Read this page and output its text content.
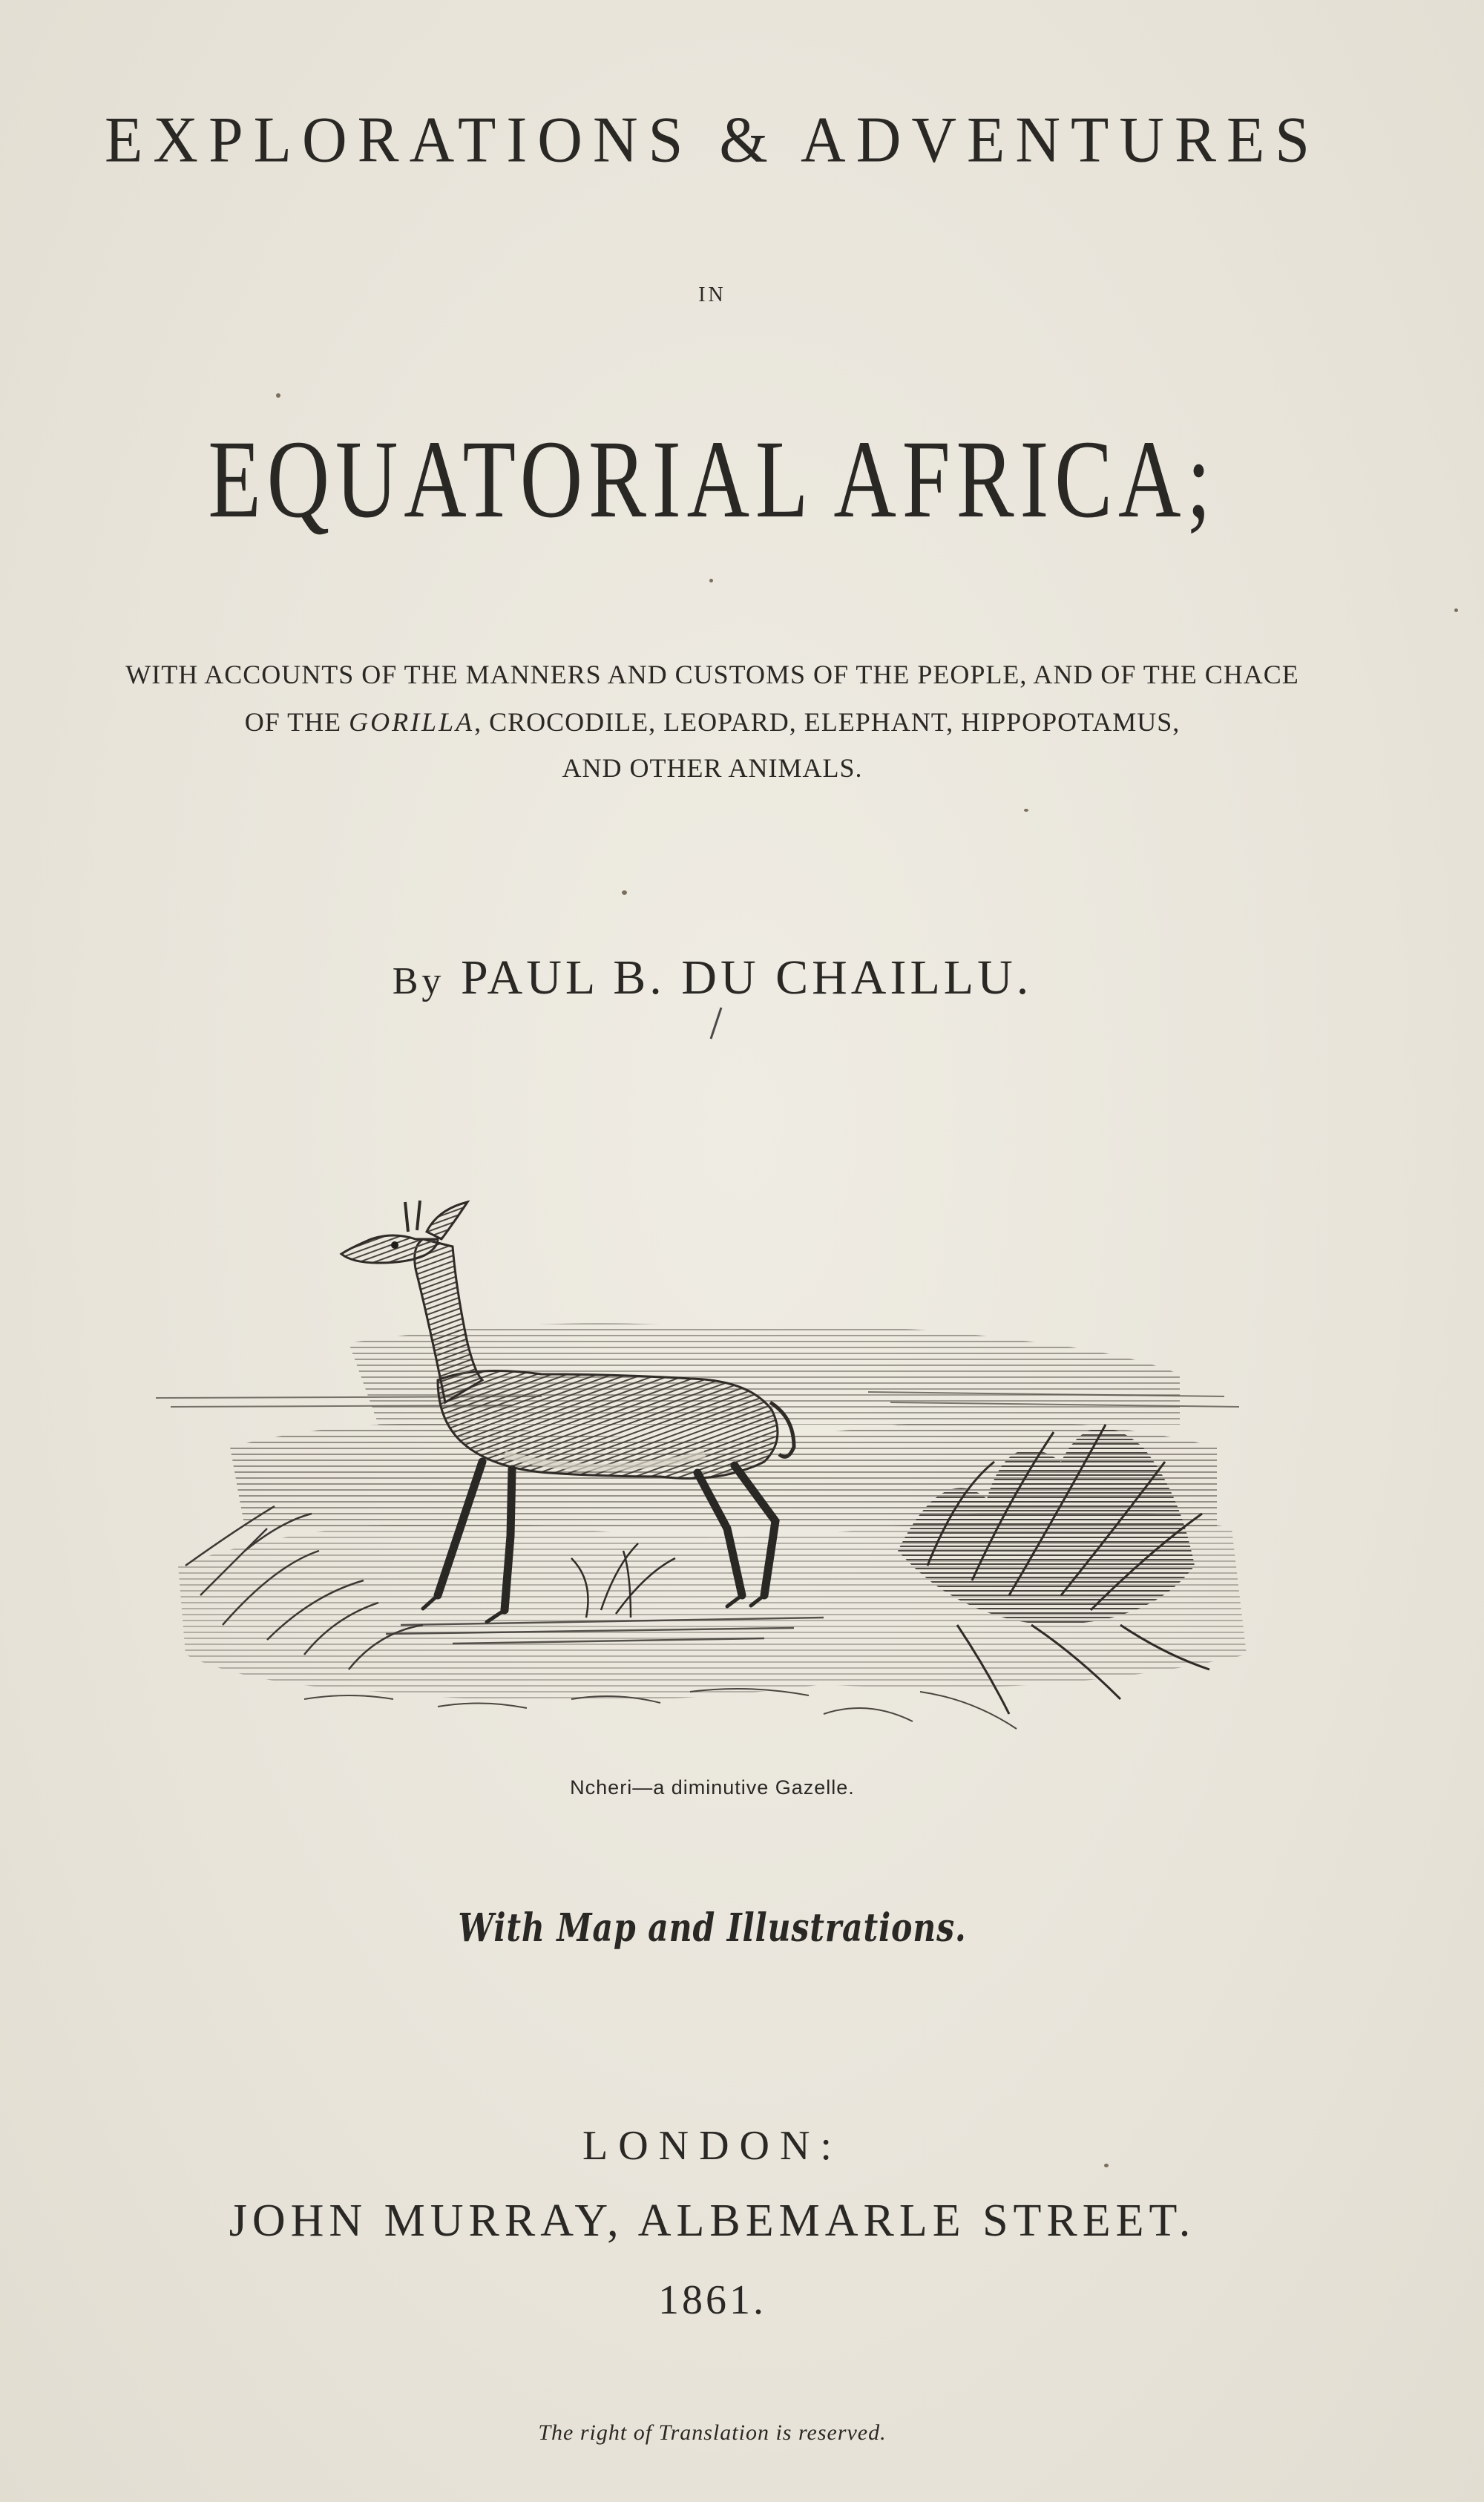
EXPLORATIONS & ADVENTURES
IN
EQUATORIAL AFRICA;
WITH ACCOUNTS OF THE MANNERS AND CUSTOMS OF THE PEOPLE, AND OF THE CHACE
OF THE GORILLA, CROCODILE, LEOPARD, ELEPHANT, HIPPOPOTAMUS,
AND OTHER ANIMALS.
By PAUL B. DU CHAILLU.
Ncheri—a diminutive Gazelle.
With Map and Illustrations.
LONDON:
JOHN MURRAY, ALBEMARLE STREET.
1861.
The right of Translation is reserved.
